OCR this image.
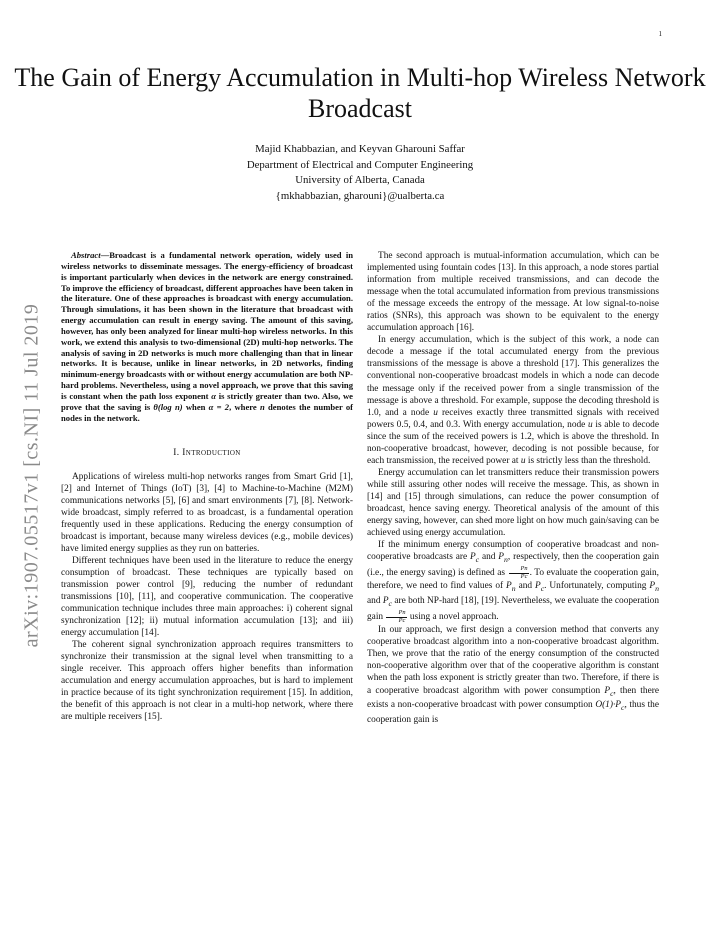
1
The Gain of Energy Accumulation in Multi-hop Wireless Network Broadcast
Majid Khabbazian, and Keyvan Gharouni Saffar
Department of Electrical and Computer Engineering
University of Alberta, Canada
{mkhabbazian, gharouni}@ualberta.ca
arXiv:1907.05517v1 [cs.NI] 11 Jul 2019

Abstract—Broadcast is a fundamental network operation, widely used in wireless networks to disseminate messages. The energy-efficiency of broadcast is important particularly when devices in the network are energy constrained. To improve the efficiency of broadcast, different approaches have been taken in the literature. One of these approaches is broadcast with energy accumulation. Through simulations, it has been shown in the literature that broadcast with energy accumulation can result in energy saving. The amount of this saving, however, has only been analyzed for linear multi-hop wireless networks. In this work, we extend this analysis to two-dimensional (2D) multi-hop networks. The analysis of saving in 2D networks is much more challenging than that in linear networks. It is because, unlike in linear networks, in 2D networks, finding minimum-energy broadcasts with or without energy accumulation are both NP-hard problems. Nevertheless, using a novel approach, we prove that this saving is constant when the path loss exponent α is strictly greater than two. Also, we prove that the saving is θ(log n) when α = 2, where n denotes the number of nodes in the network.

I. Introduction

Applications of wireless multi-hop networks ranges from Smart Grid [1], [2] and Internet of Things (IoT) [3], [4] to Machine-to-Machine (M2M) communications networks [5], [6] and smart environments [7], [8]. Network-wide broadcast, simply referred to as broadcast, is a fundamental operation frequently used in these applications. Reducing the energy consumption of broadcast is important, because many wireless devices (e.g., mobile devices) have limited energy supplies as they run on batteries.

Different techniques have been used in the literature to reduce the energy consumption of broadcast. These techniques are typically based on transmission power control [9], reducing the number of redundant transmissions [10], [11], and cooperative communication. The cooperative communication technique includes three main approaches: i) coherent signal synchronization [12]; ii) mutual information accumulation [13]; and iii) energy accumulation [14].

The coherent signal synchronization approach requires transmitters to synchronize their transmission at the signal level when transmitting to a single receiver. This approach offers higher benefits than information accumulation and energy accumulation approaches, but is hard to implement in practice because of its tight synchronization requirement [15]. In addition, the benefit of this approach is not clear in a multi-hop network, where there are multiple receivers [15].

The second approach is mutual-information accumulation, which can be implemented using fountain codes [13]. In this approach, a node stores partial information from multiple received transmissions, and can decode the message when the total accumulated information from previous transmissions of the message exceeds the entropy of the message. At low signal-to-noise ratios (SNRs), this approach was shown to be equivalent to the energy accumulation approach [16].

In energy accumulation, which is the subject of this work, a node can decode a message if the total accumulated energy from the previous transmissions of the message is above a threshold [17]. This generalizes the conventional non-cooperative broadcast models in which a node can decode the message only if the received power from a single transmission of the message is above a threshold. For example, suppose the decoding threshold is 1.0, and a node u receives exactly three transmitted signals with received powers 0.5, 0.4, and 0.3. With energy accumulation, node u is able to decode since the sum of the received powers is 1.2, which is above the threshold. In non-cooperative broadcast, however, decoding is not possible because, for each transmission, the received power at u is strictly less than the threshold.

Energy accumulation can let transmitters reduce their transmission powers while still assuring other nodes will receive the message. This, as shown in [14] and [15] through simulations, can reduce the power consumption of broadcast, hence saving energy. Theoretical analysis of the amount of this energy saving, however, can shed more light on how much gain/saving can be achieved using energy accumulation.

If the minimum energy consumption of cooperative broadcast and non-cooperative broadcasts are $P_c$ and $P_n$, respectively, then the cooperation gain (i.e., the energy saving) is defined as $\frac{Pn}{Pc}$ . To evaluate the cooperation gain, therefore, we need to find values of $P_n$ and $P_c$. Unfortunately, computing $P_n$ and $P_c$ are both NP-hard [18], [19]. Nevertheless, we evaluate the cooperation gain $\frac{Pn}{Pc}$ using a novel approach.

In our approach, we first design a conversion method that converts any cooperative broadcast algorithm into a non-cooperative broadcast algorithm. Then, we prove that the ratio of the energy consumption of the constructed non-cooperative algorithm over that of the cooperative algorithm is constant when the path loss exponent is strictly greater than two. Therefore, if there is a cooperative broadcast algorithm with power consumption $P_c$, then there exists a non-cooperative broadcast with power consumption $O(1)\cdot P_c$, thus the cooperation gain is
